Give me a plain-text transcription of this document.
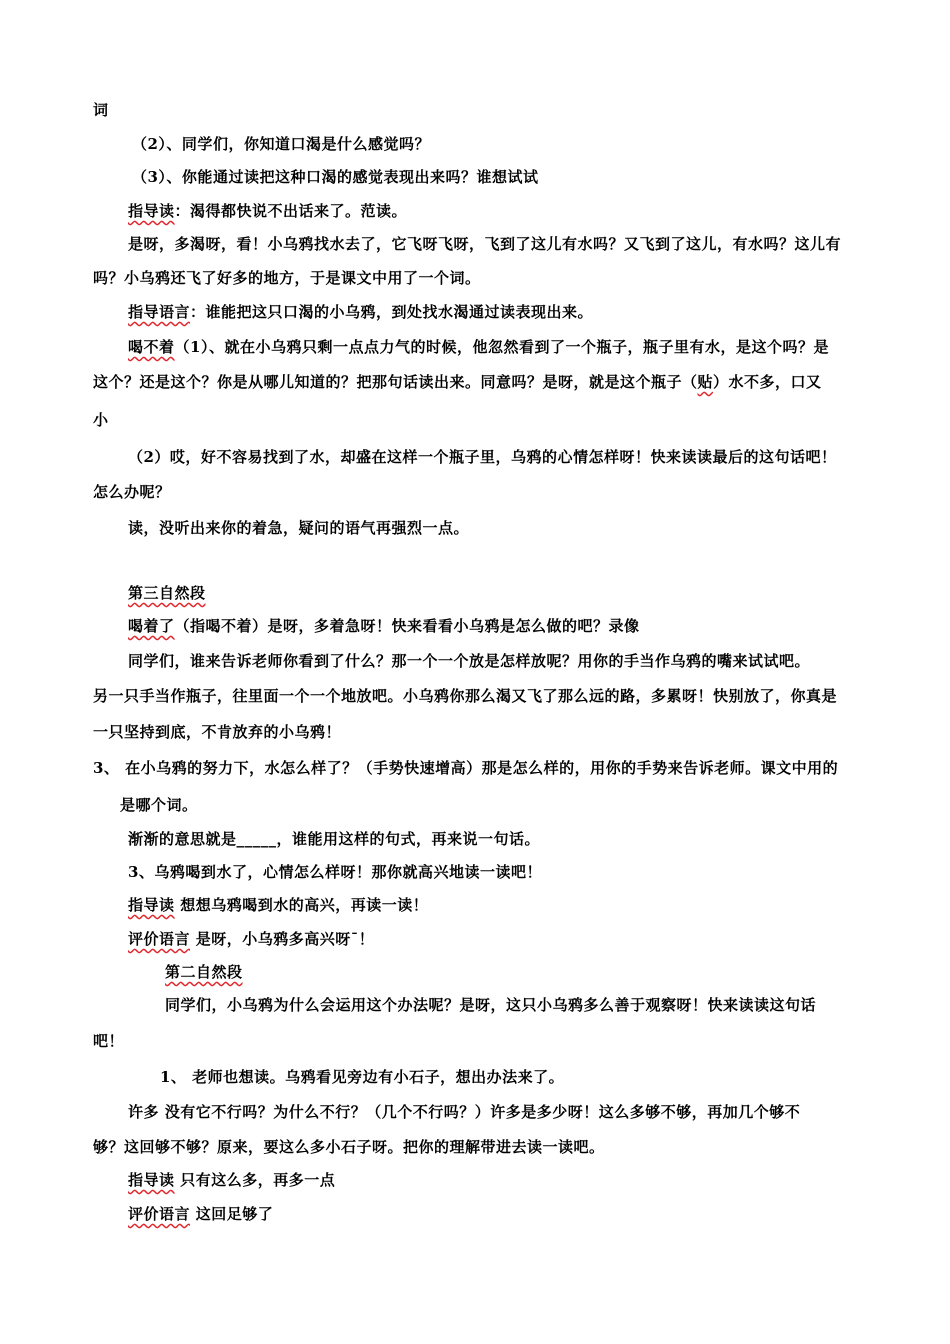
词
（2）、同学们，你知道口渴是什么感觉吗？
（3）、你能通过读把这种口渴的感觉表现出来吗？谁想试试
指导读：渴得都快说不出话来了。范读。
是呀，多渴呀，看！小乌鸦找水去了，它飞呀飞呀，飞到了这儿有水吗？又飞到了这儿，有水吗？这儿有
吗？小乌鸦还飞了好多的地方，于是课文中用了一个词。
指导语言：谁能把这只口渴的小乌鸦，到处找水渴通过读表现出来。
喝不着（1）、就在小乌鸦只剩一点点力气的时候，他忽然看到了一个瓶子，瓶子里有水，是这个吗？是
这个？还是这个？你是从哪儿知道的？把那句话读出来。同意吗？是呀，就是这个瓶子（贴）水不多，口又
小
（2）哎，好不容易找到了水，却盛在这样一个瓶子里，乌鸦的心情怎样呀！快来读读最后的这句话吧！
怎么办呢？
读，没听出来你的着急，疑问的语气再强烈一点。
第三自然段
喝着了（指喝不着）是呀，多着急呀！快来看看小乌鸦是怎么做的吧？录像
同学们，谁来告诉老师你看到了什么？那一个一个放是怎样放呢？用你的手当作乌鸦的嘴来试试吧。
另一只手当作瓶子，往里面一个一个地放吧。小乌鸦你那么渴又飞了那么远的路，多累呀！快别放了，你真是
一只坚持到底，不肯放弃的小乌鸦！
3、 在小乌鸦的努力下，水怎么样了？（手势快速增高）那是怎么样的，用你的手势来告诉老师。课文中用的
是哪个词。
渐渐的意思就是_____，谁能用这样的句式，再来说一句话。
3、乌鸦喝到水了，心情怎么样呀！那你就高兴地读一读吧！
指导读 想想乌鸦喝到水的高兴，再读一读！
评价语言 是呀，小乌鸦多高兴呀¯！
第二自然段
同学们，小乌鸦为什么会运用这个办法呢？是呀，这只小乌鸦多么善于观察呀！快来读读这句话
吧！
1、 老师也想读。乌鸦看见旁边有小石子，想出办法来了。
许多 没有它不行吗？为什么不行？（几个不行吗？）许多是多少呀！这么多够不够，再加几个够不
够？这回够不够？原来，要这么多小石子呀。把你的理解带进去读一读吧。
指导读 只有这么多，再多一点
评价语言 这回足够了
